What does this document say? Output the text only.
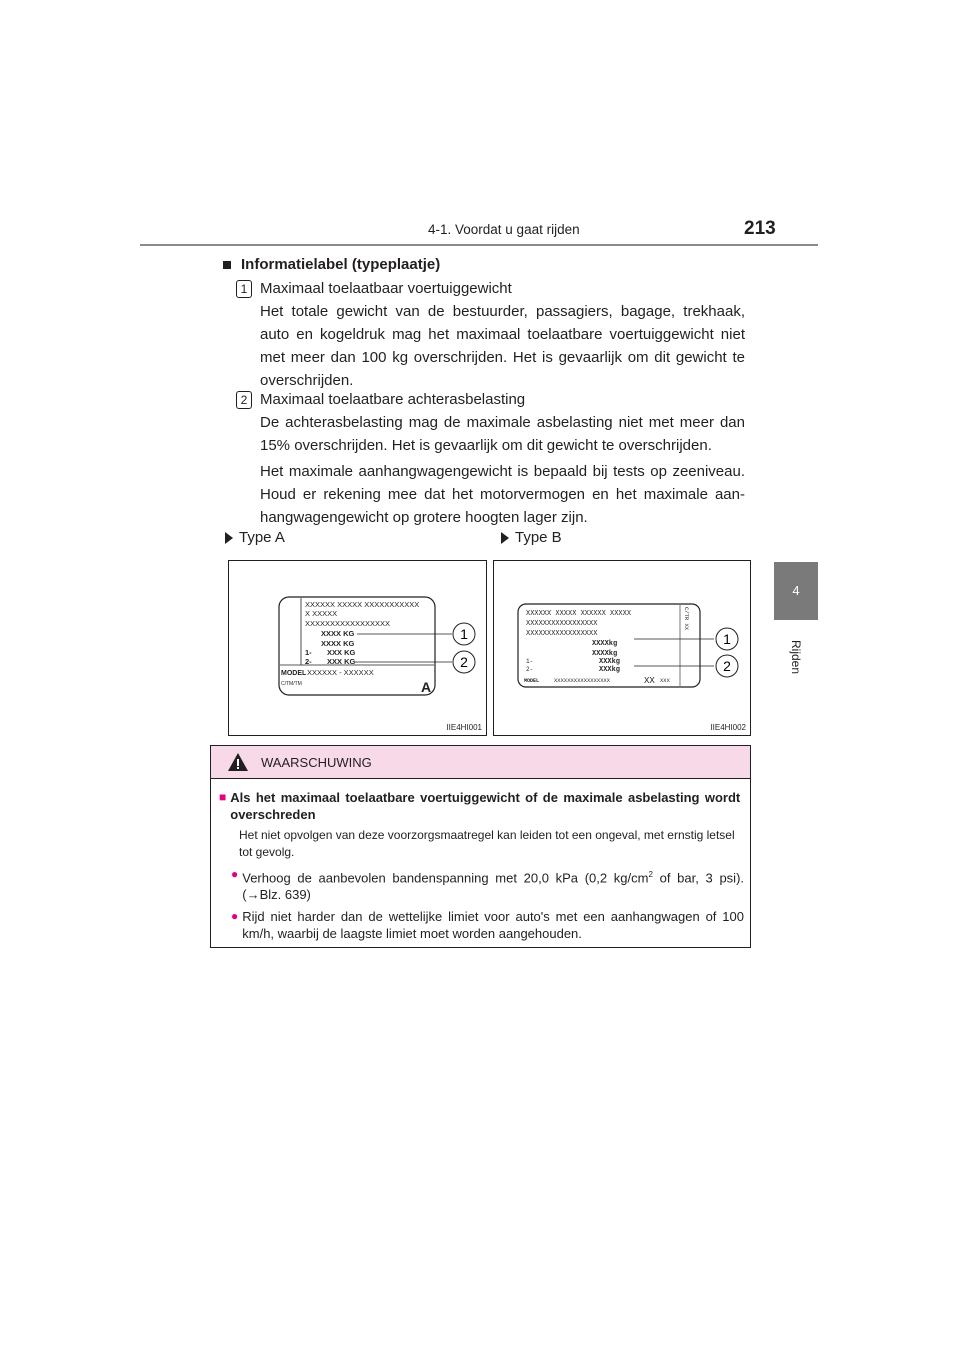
4-1. Voordat u gaat rijden	213
4
Rijden
Informatielabel (typeplaatje)
1 Maximaal toelaatbaar voertuiggewicht
Het totale gewicht van de bestuurder, passagiers, bagage, trekhaak, auto en kogeldruk mag het maximaal toelaatbare voertuiggewicht niet met meer dan 100 kg overschrijden. Het is gevaarlijk om dit gewicht te overschrijden.
2 Maximaal toelaatbare achterasbelasting
De achterasbelasting mag de maximale asbelasting niet met meer dan 15% overschrijden. Het is gevaarlijk om dit gewicht te overschrijden.
Het maximale aanhangwagengewicht is bepaald bij tests op zeeniveau. Houd er rekening mee dat het motorvermogen en het maximale aan-hangwagengewicht op grotere hoogten lager zijn.
Type A	Type B
XXXXXX XXXXX XXXXXXXXXXX
X XXXXX
XXXXXXXXXXXXXXXXX
XXXX KG
XXXX KG
1- XXX KG
2- XXX KG
MODEL XXXXXX - XXXXXX
C/TM/TM	A
1
2
IIE4HI001
XXXXXX XXXXX XXXXXX XXXXX
XXXXXXXXXXXXXXXXX
XXXXXXXXXXXXXXXXX
XXXXkg
XXXXkg
1-	XXXkg
2-	XXXkg
MODEL	XXXXXXXXXXXXXXXXX	XX XXX
C/TR XX
1
2
IIE4HI002
WAARSCHUWING
■ Als het maximaal toelaatbare voertuiggewicht of de maximale asbelasting wordt overschreden
Het niet opvolgen van deze voorzorgsmaatregel kan leiden tot een ongeval, met ernstig letsel tot gevolg.
● Verhoog de aanbevolen bandenspanning met 20,0 kPa (0,2 $kg/cm^2$ of bar, 3 psi). (→Blz. 639)
● Rijd niet harder dan de wettelijke limiet voor auto's met een aanhangwagen of 100 km/h, waarbij de laagste limiet moet worden aangehouden.
